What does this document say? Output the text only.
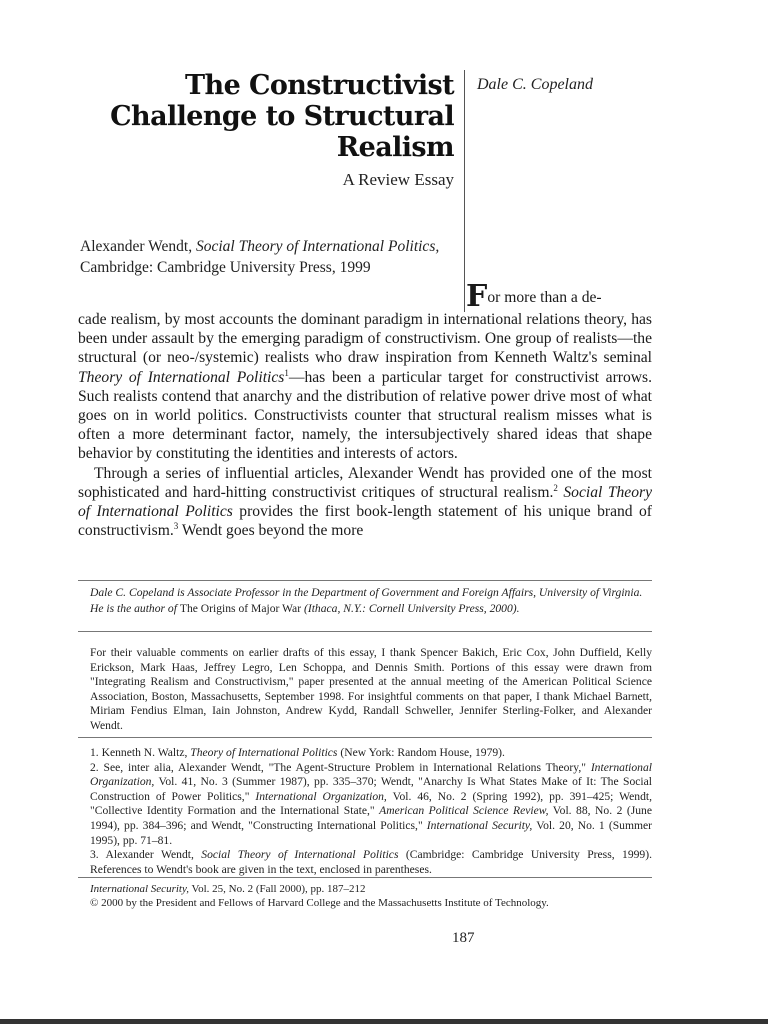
The Constructivist
Challenge to Structural
Realism
A Review Essay
Dale C. Copeland
Alexander Wendt, Social Theory of International Politics, Cambridge: Cambridge University Press, 1999

For more than a de-

cade realism, by most accounts the dominant paradigm in international relations theory, has been under assault by the emerging paradigm of constructivism. One group of realists—the structural (or neo-/systemic) realists who draw inspiration from Kenneth Waltz's seminal Theory of International Politics$^1$—has been a particular target for constructivist arrows. Such realists contend that anarchy and the distribution of relative power drive most of what goes on in world politics. Constructivists counter that structural realism misses what is often a more determinant factor, namely, the intersubjectively shared ideas that shape behavior by constituting the identities and interests of actors.

Through a series of influential articles, Alexander Wendt has provided one of the most sophisticated and hard-hitting constructivist critiques of structural realism.$^2$ Social Theory of International Politics provides the first book-length statement of his unique brand of constructivism.$^3$ Wendt goes beyond the more

Dale C. Copeland is Associate Professor in the Department of Government and Foreign Affairs, University of Virginia. He is the author of The Origins of Major War (Ithaca, N.Y.: Cornell University Press, 2000).
For their valuable comments on earlier drafts of this essay, I thank Spencer Bakich, Eric Cox, John Duffield, Kelly Erickson, Mark Haas, Jeffrey Legro, Len Schoppa, and Dennis Smith. Portions of this essay were drawn from "Integrating Realism and Constructivism," paper presented at the annual meeting of the American Political Science Association, Boston, Massachusetts, September 1998. For insightful comments on that paper, I thank Michael Barnett, Miriam Fendius Elman, Iain Johnston, Andrew Kydd, Randall Schweller, Jennifer Sterling-Folker, and Alexander Wendt.

1. Kenneth N. Waltz, Theory of International Politics (New York: Random House, 1979).

2. See, inter alia, Alexander Wendt, "The Agent-Structure Problem in International Relations Theory," International Organization, Vol. 41, No. 3 (Summer 1987), pp. 335–370; Wendt, "Anarchy Is What States Make of It: The Social Construction of Power Politics," International Organization, Vol. 46, No. 2 (Spring 1992), pp. 391–425; Wendt, "Collective Identity Formation and the International State," American Political Science Review, Vol. 88, No. 2 (June 1994), pp. 384–396; and Wendt, "Constructing International Politics," International Security, Vol. 20, No. 1 (Summer 1995), pp. 71–81.

3. Alexander Wendt, Social Theory of International Politics (Cambridge: Cambridge University Press, 1999). References to Wendt's book are given in the text, enclosed in parentheses.

International Security, Vol. 25, No. 2 (Fall 2000), pp. 187–212
© 2000 by the President and Fellows of Harvard College and the Massachusetts Institute of Technology.
187
